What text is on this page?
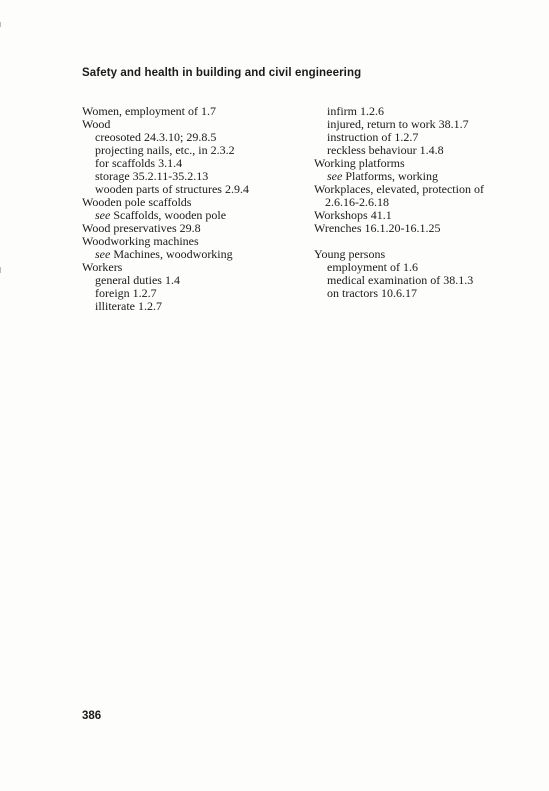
Safety and health in building and civil engineering
Women, employment of 1.7
Wood
creosoted 24.3.10; 29.8.5
projecting nails, etc., in 2.3.2
for scaffolds 3.1.4
storage 35.2.11-35.2.13
wooden parts of structures 2.9.4
Wooden pole scaffolds
see Scaffolds, wooden pole
Wood preservatives 29.8
Woodworking machines
see Machines, woodworking
Workers
general duties 1.4
foreign 1.2.7
illiterate 1.2.7
infirm 1.2.6
injured, return to work 38.1.7
instruction of 1.2.7
reckless behaviour 1.4.8
Working platforms
see Platforms, working
Workplaces, elevated, protection of
2.6.16-2.6.18
Workshops 41.1
Wrenches 16.1.20-16.1.25
Young persons
employment of 1.6
medical examination of 38.1.3
on tractors 10.6.17
386
